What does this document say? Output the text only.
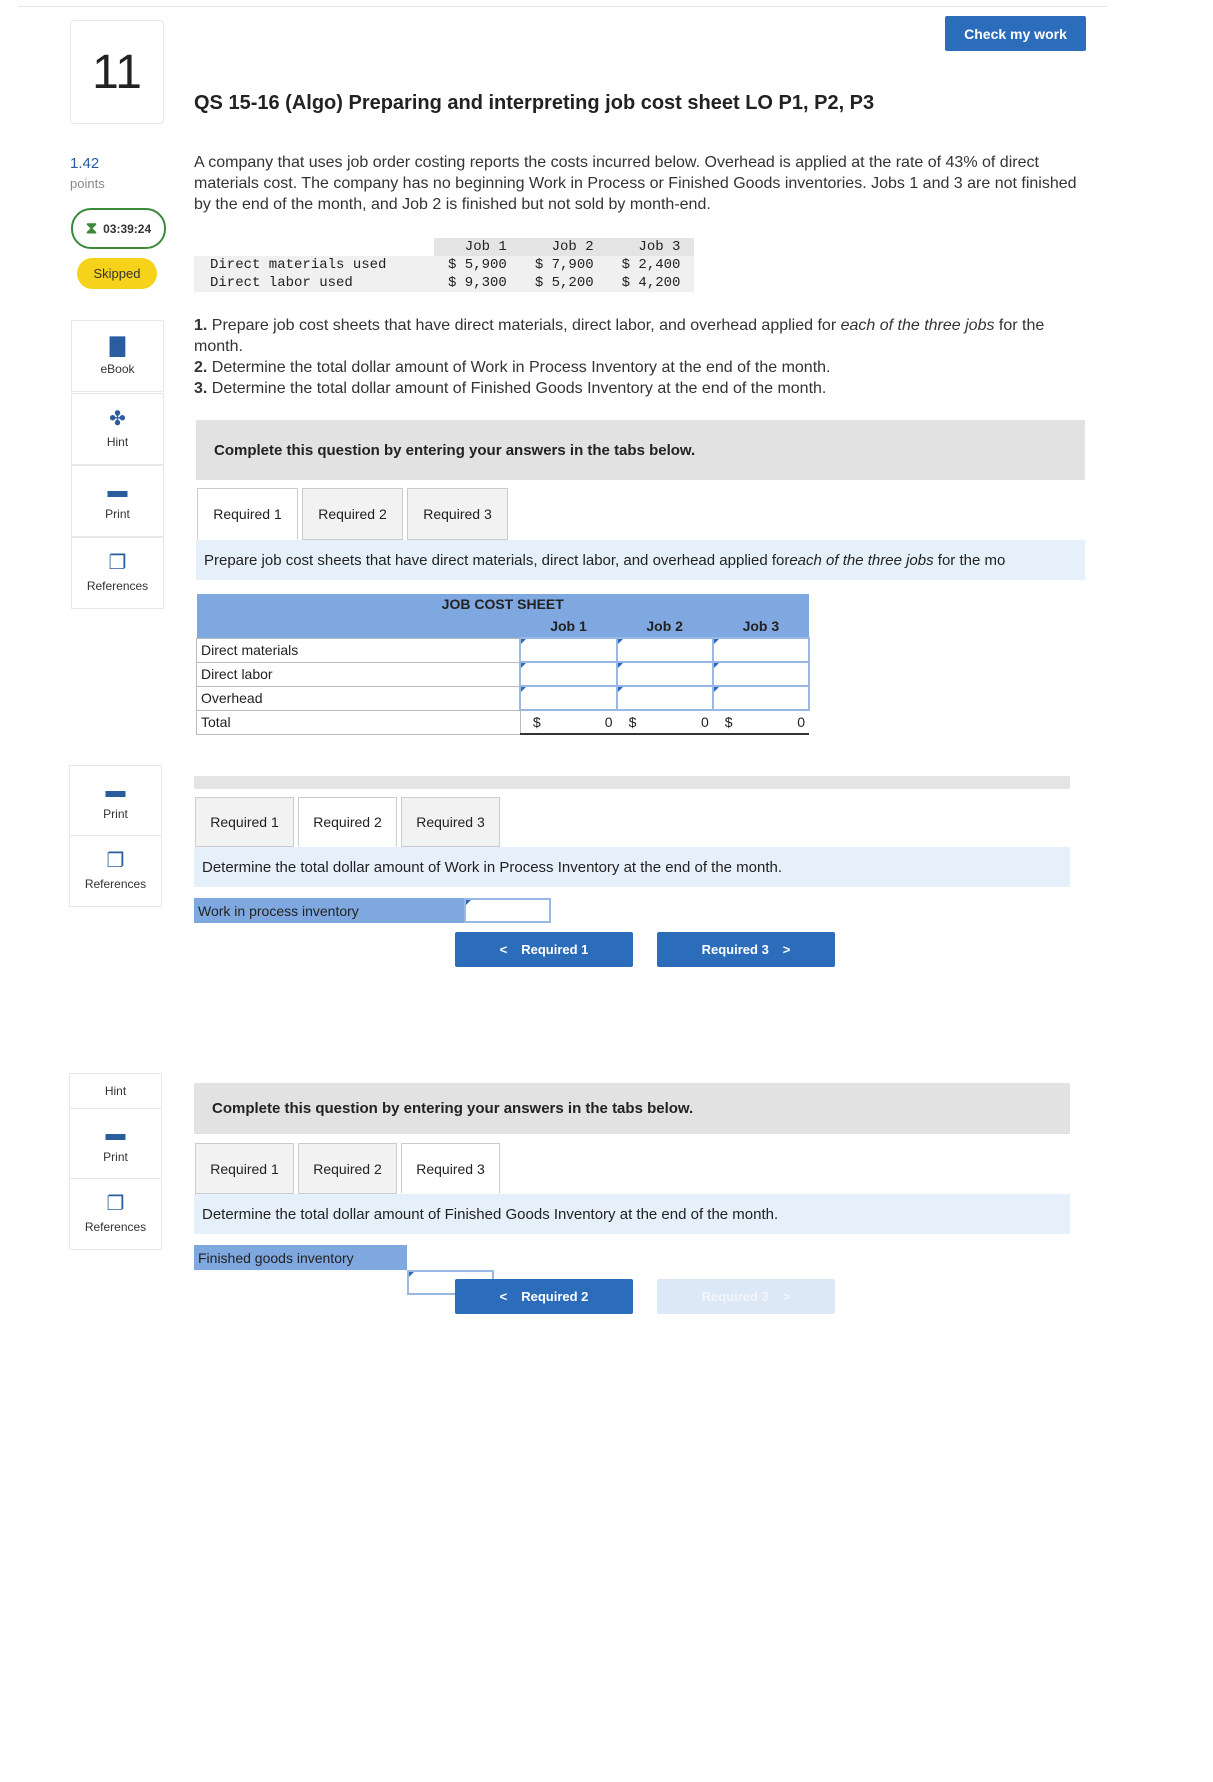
11
1.42
points
⧗ 03:39:24
Skipped
▇
eBook
✤
Hint
▬
Print
❐
References
▬
Print
❐
References
Hint
▬
Print
❐
References
Check my work
QS 15-16 (Algo) Preparing and interpreting job cost sheet LO P1, P2, P3
A company that uses job order costing reports the costs incurred below. Overhead is applied at the rate of 43% of direct materials cost. The company has no beginning Work in Process or Finished Goods inventories. Jobs 1 and 3 are not finished by the end of the month, and Job 2 is finished but not sold by month-end.
	Job 1	Job 2	Job 3
Direct materials used	$ 5,900	$ 7,900	$ 2,400
Direct labor used	$ 9,300	$ 5,200	$ 4,200
1. Prepare job cost sheets that have direct materials, direct labor, and overhead applied for each of the three jobs for the month.
2. Determine the total dollar amount of Work in Process Inventory at the end of the month.
3. Determine the total dollar amount of Finished Goods Inventory at the end of the month.
Complete this question by entering your answers in the tabs below.
Required 1	Required 2	Required 3
Prepare job cost sheets that have direct materials, direct labor, and overhead applied for each of the three jobs for the mo
JOB COST SHEET			
	Job 1	Job 2	Job 3
Direct materials			
Direct labor			
Overhead			
Total	$ 0	$ 0	$ 0
Required 1	Required 2	Required 3
Determine the total dollar amount of Work in Process Inventory at the end of the month.
Work in process inventory
< Required 1	Required 3 >
Complete this question by entering your answers in the tabs below.
Required 1	Required 2	Required 3
Determine the total dollar amount of Finished Goods Inventory at the end of the month.
Finished goods inventory
< Required 2	Required 3 >
